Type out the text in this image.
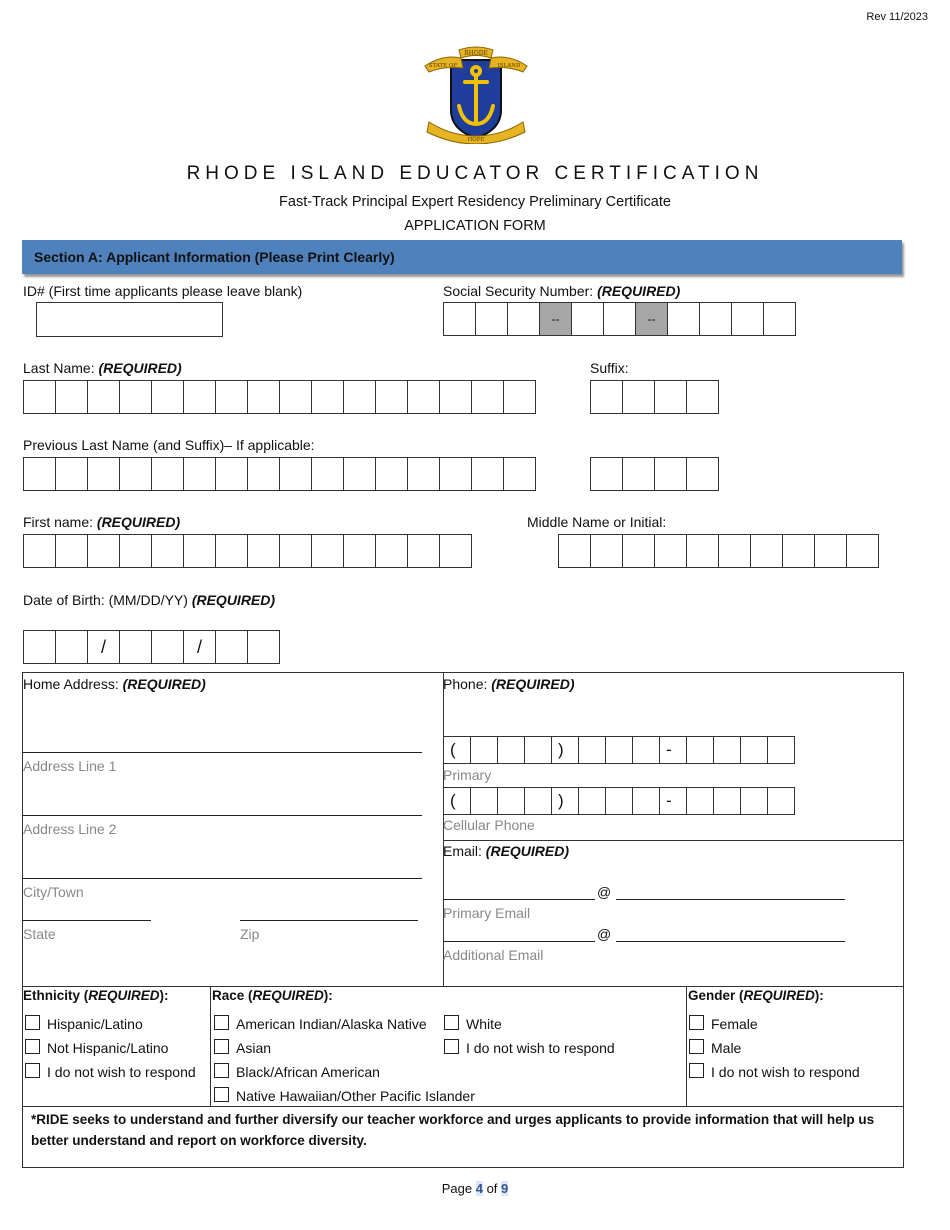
Rev 11/2023
RHODE
STATE OF	ISLAND
HOPE
RHODE ISLAND EDUCATOR CERTIFICATION
Fast-Track Principal Expert Residency Preliminary Certificate
APPLICATION FORM
Section A: Applicant Information (Please Print Clearly)
ID# (First time applicants please leave blank)	Social Security Number: (REQUIRED)
--	--
Last Name: (REQUIRED)	Suffix:
Previous Last Name (and Suffix)– If applicable:
First name: (REQUIRED)	Middle Name or Initial:
Date of Birth: (MM/DD/YY) (REQUIRED)
/	/
Home Address: (REQUIRED)
Address Line 1
Address Line 2
City/Town
State	Zip
Phone: (REQUIRED)
(	)	-
Primary
(	)	-
Cellular Phone
Email: (REQUIRED)
@
Primary Email
@
Additional Email
Ethnicity (REQUIRED):
Hispanic/Latino
Not Hispanic/Latino
I do not wish to respond
Race (REQUIRED):
American Indian/Alaska Native
Asian
Black/African American
Native Hawaiian/Other Pacific Islander
White
I do not wish to respond
Gender (REQUIRED):
Female
Male
I do not wish to respond
*RIDE seeks to understand and further diversify our teacher workforce and urges applicants to provide information that will help us better understand and report on workforce diversity.
Page 4 of 9
